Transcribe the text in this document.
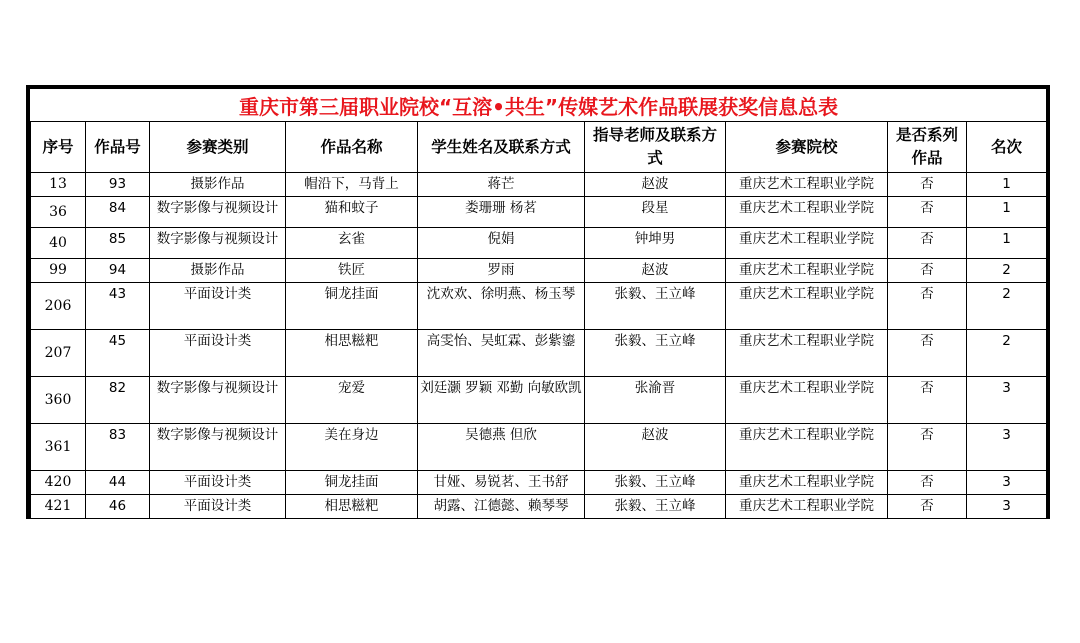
重庆市第三届职业院校“互溶•共生”传媒艺术作品联展获奖信息总表								
序号	作品号	参赛类别	作品名称	学生姓名及联系方式	指导老师及联系方式	参赛院校	是否系列作品	名次
13	93	摄影作品	帽沿下，马背上	蒋芒	赵波	重庆艺术工程职业学院	否	1
36	84	数字影像与视频设计	猫和蚊子	娄珊珊 杨茗	段星	重庆艺术工程职业学院	否	1
40	85	数字影像与视频设计	玄雀	倪娟	钟坤男	重庆艺术工程职业学院	否	1
99	94	摄影作品	铁匠	罗雨	赵波	重庆艺术工程职业学院	否	2
206	43	平面设计类	铜龙挂面	沈欢欢、徐明燕、杨玉琴	张毅、王立峰	重庆艺术工程职业学院	否	2
207	45	平面设计类	相思糍粑	高雯怡、吴虹霖、彭紫鎏	张毅、王立峰	重庆艺术工程职业学院	否	2
360	82	数字影像与视频设计	宠爱	刘廷灏 罗颖 邓勤 向敏欧凯	张渝晋	重庆艺术工程职业学院	否	3
361	83	数字影像与视频设计	美在身边	吴德燕 但欣	赵波	重庆艺术工程职业学院	否	3
420	44	平面设计类	铜龙挂面	甘娅、易锐茗、王书舒	张毅、王立峰	重庆艺术工程职业学院	否	3
421	46	平面设计类	相思糍粑	胡露、江德懿、赖琴琴	张毅、王立峰	重庆艺术工程职业学院	否	3
